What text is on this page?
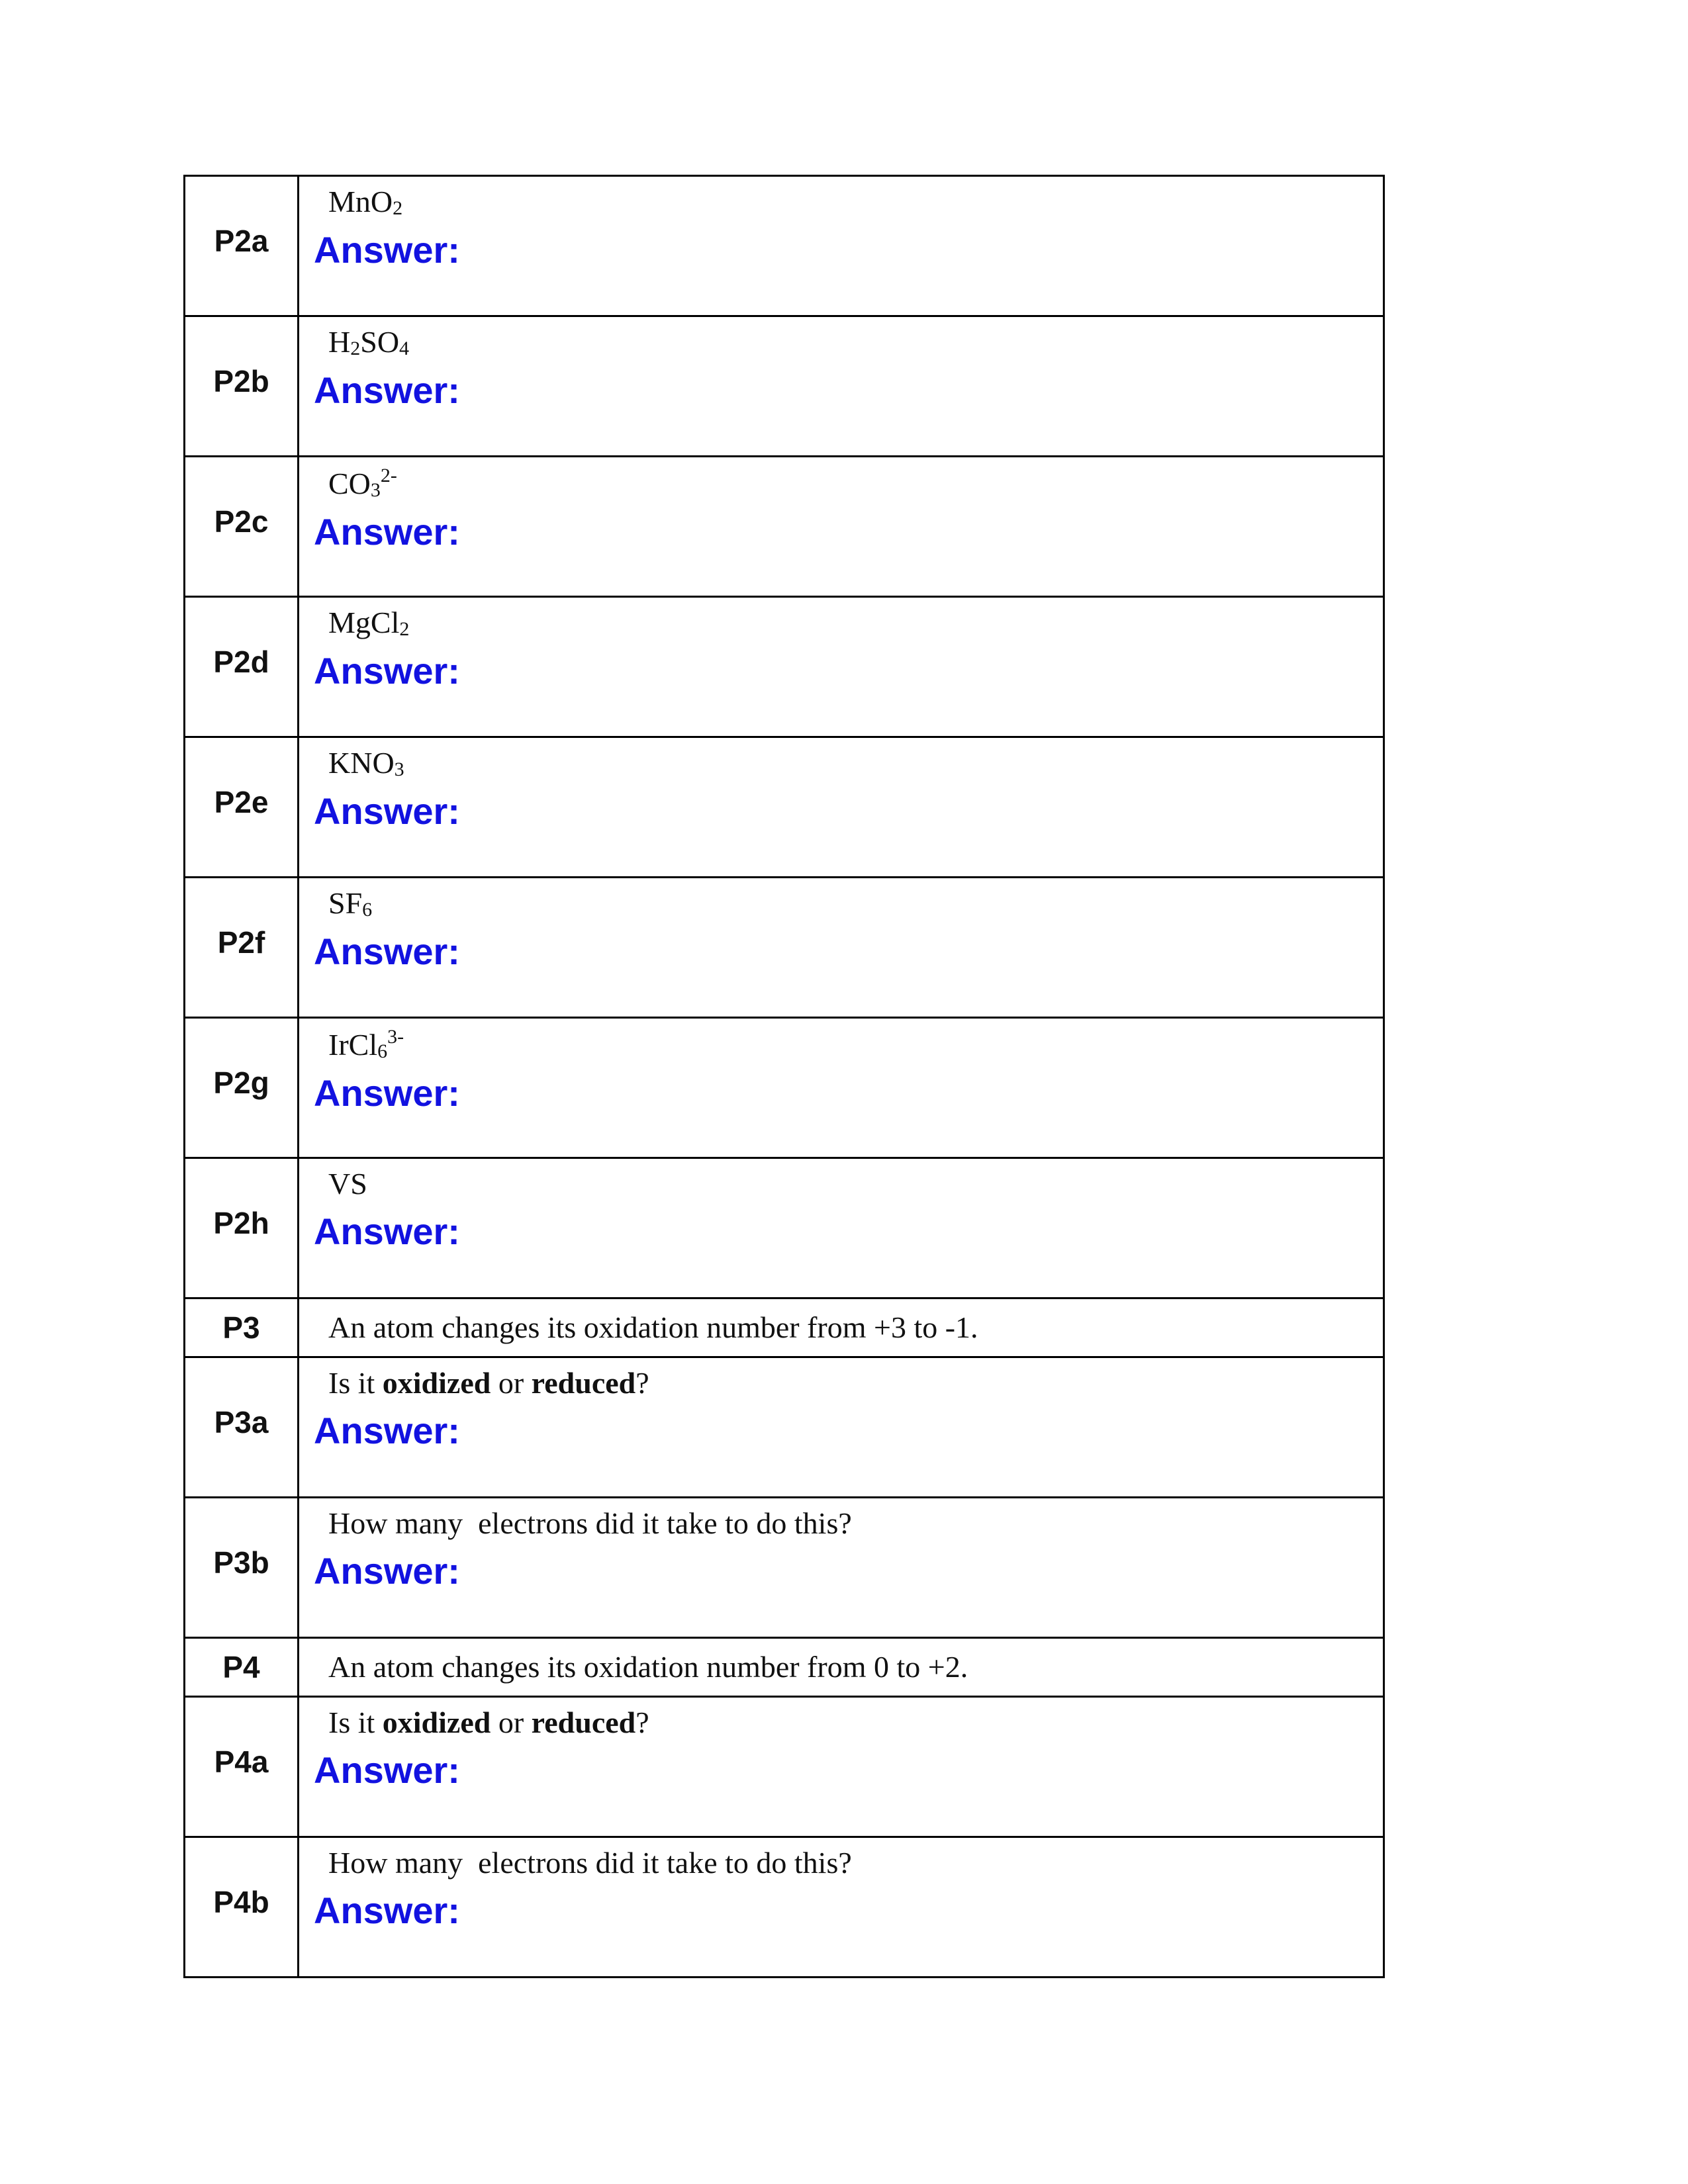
P2a	MnO$_2$
Answer:

P2b	$H_2SO_4$
Answer:

P2c	$CO_3^{2-}$
Answer:

P2d	MgCl$_2$
Answer:

P2e	$KNO_3$
Answer:

P2f	$SF_6$
Answer:

P2g	IrCl$_6^{3-}$
Answer:

P2h	VS
Answer:

P3	An atom changes its oxidation number from +3 to -1.

P3a	Is it oxidized or reduced?
Answer:

P3b	How many  electrons did it take to do this?
Answer:

P4	An atom changes its oxidation number from 0 to +2.

P4a	Is it oxidized or reduced?
Answer:

P4b	How many  electrons did it take to do this?
Answer:
